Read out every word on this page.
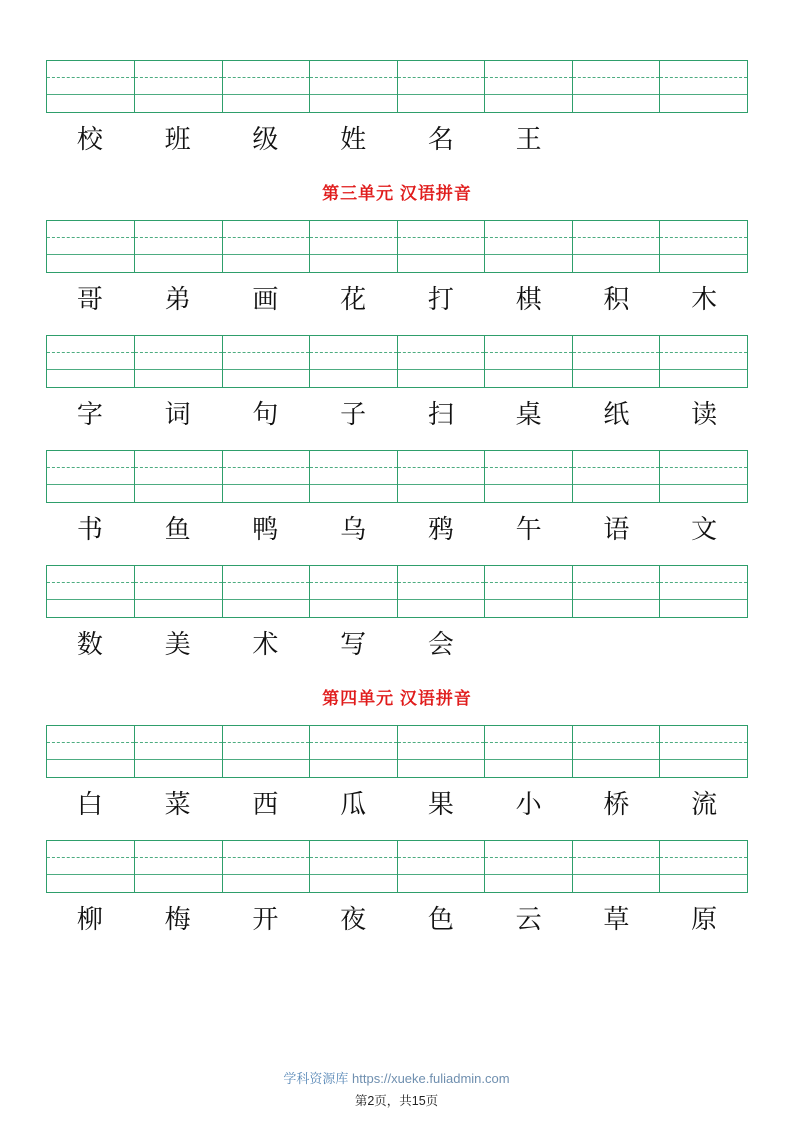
校	班	级	姓	名	王
第三单元 汉语拼音

哥	弟	画	花	打	棋	积	木

字	词	句	子	扫	桌	纸	读

书	鱼	鸭	乌	鸦	午	语	文

数	美	术	写	会
第四单元 汉语拼音

白	菜	西	瓜	果	小	桥	流

柳	梅	开	夜	色	云	草	原
学科资源库 https://xueke.fuliadmin.com
第2页，共15页
